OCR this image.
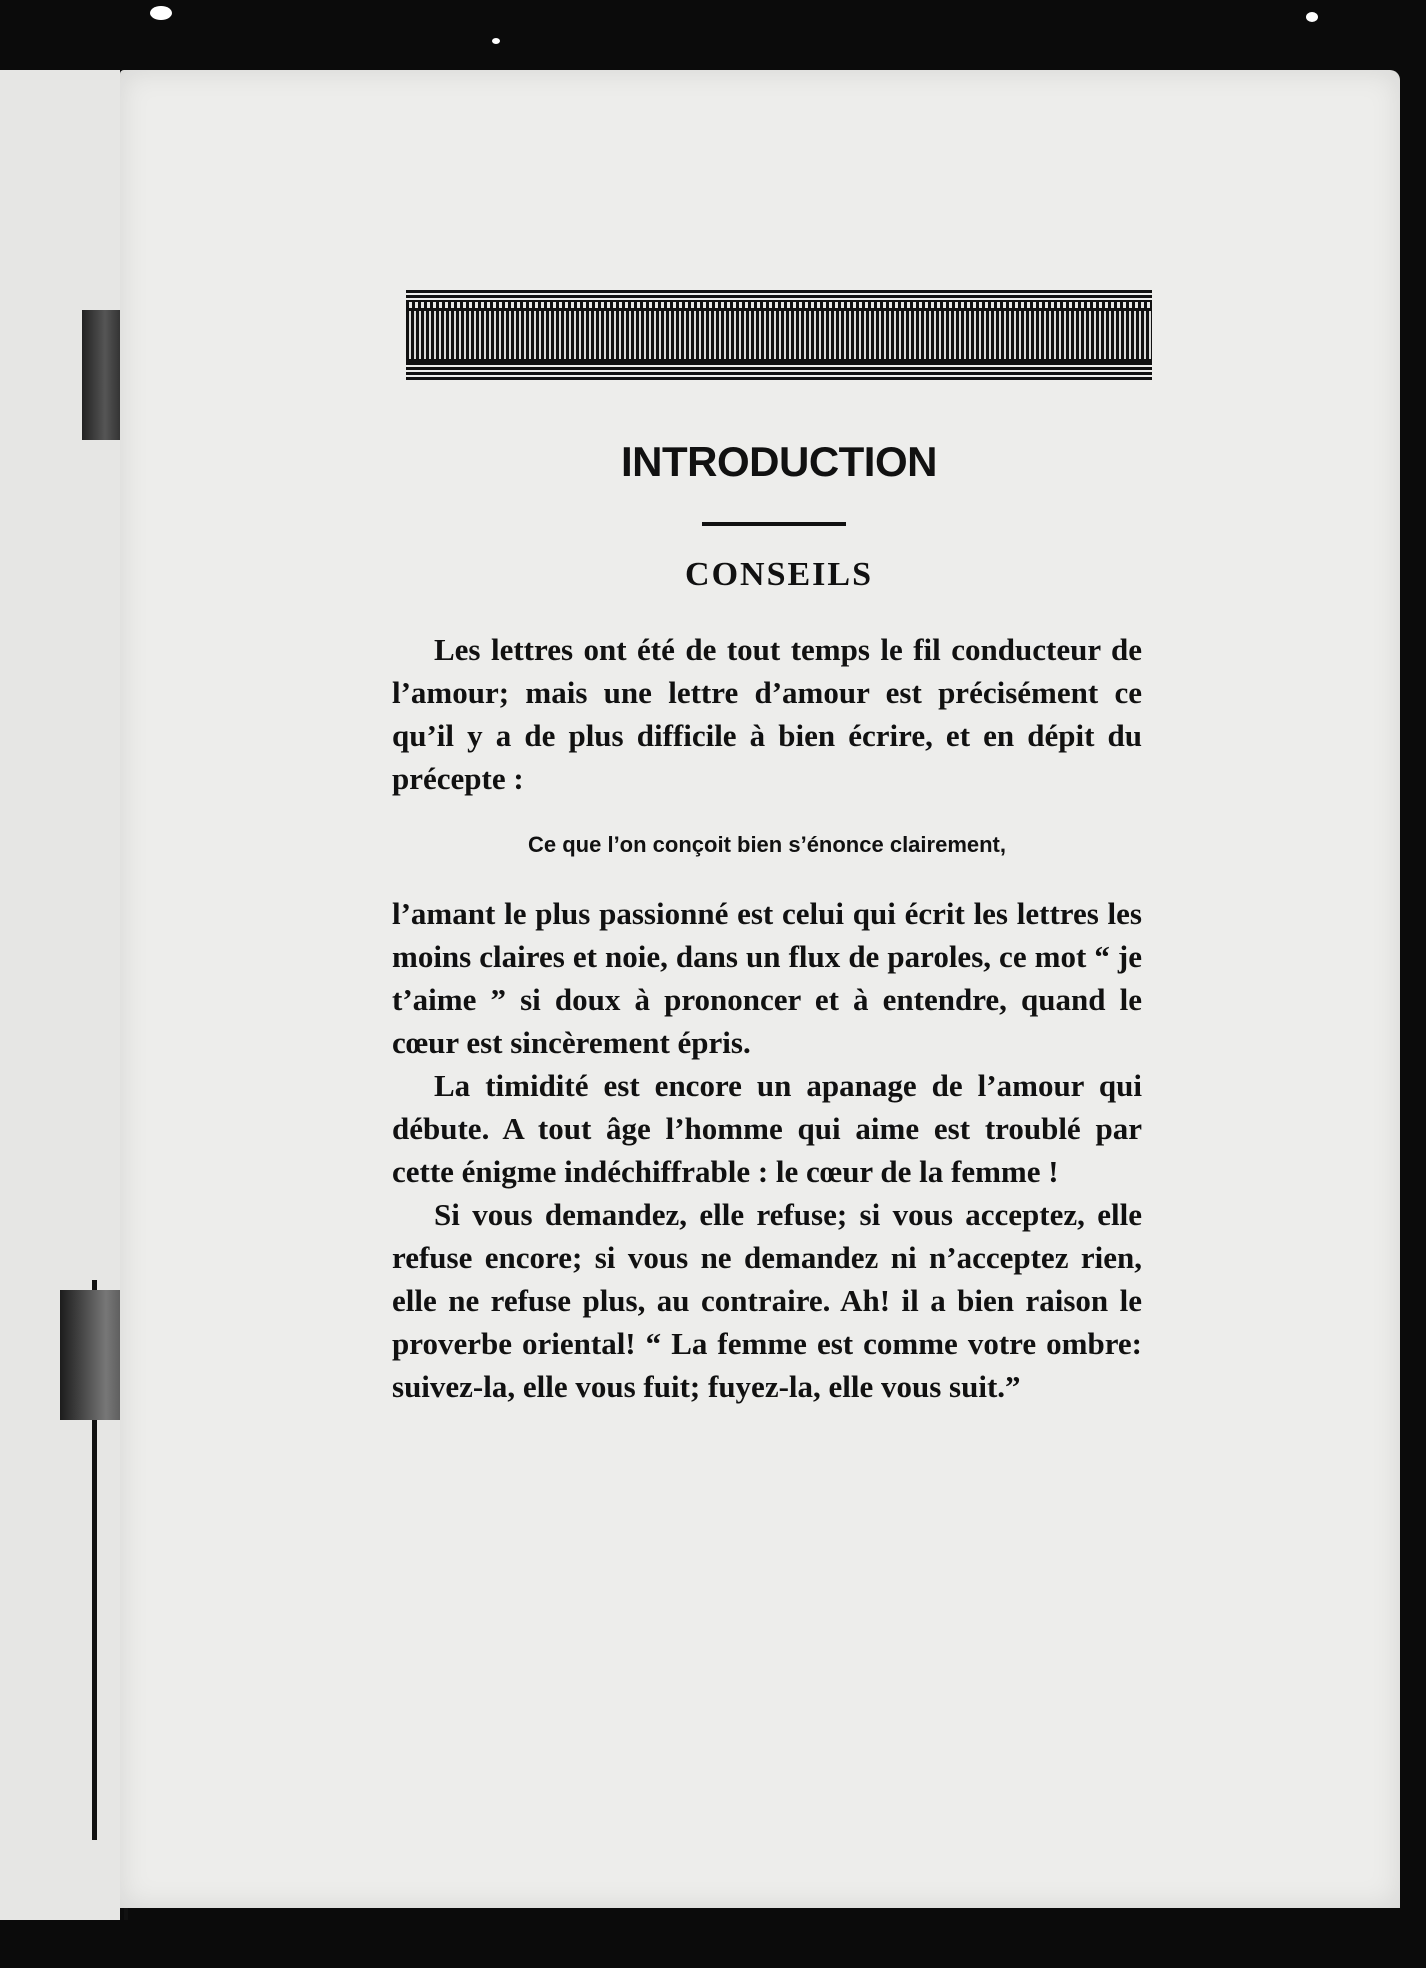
INTRODUCTION
CONSEILS

Les lettres ont été de tout temps le fil conducteur de l’amour; mais une lettre d’amour est précisément ce qu’il y a de plus difficile à bien écrire, et en dépit du précepte :

Ce que l’on conçoit bien s’énonce clairement,

l’amant le plus passionné est celui qui écrit les lettres les moins claires et noie, dans un flux de paroles, ce mot “ je t’aime ” si doux à prononcer et à entendre, quand le cœur est sincèrement épris.

La timidité est encore un apanage de l’amour qui débute. A tout âge l’homme qui aime est troublé par cette énigme indéchiffrable : le cœur de la femme !

Si vous demandez, elle refuse; si vous acceptez, elle refuse encore; si vous ne demandez ni n’acceptez rien, elle ne refuse plus, au contraire. Ah! il a bien raison le proverbe oriental! “ La femme est comme votre ombre: suivez-la, elle vous fuit; fuyez-la, elle vous suit.”
